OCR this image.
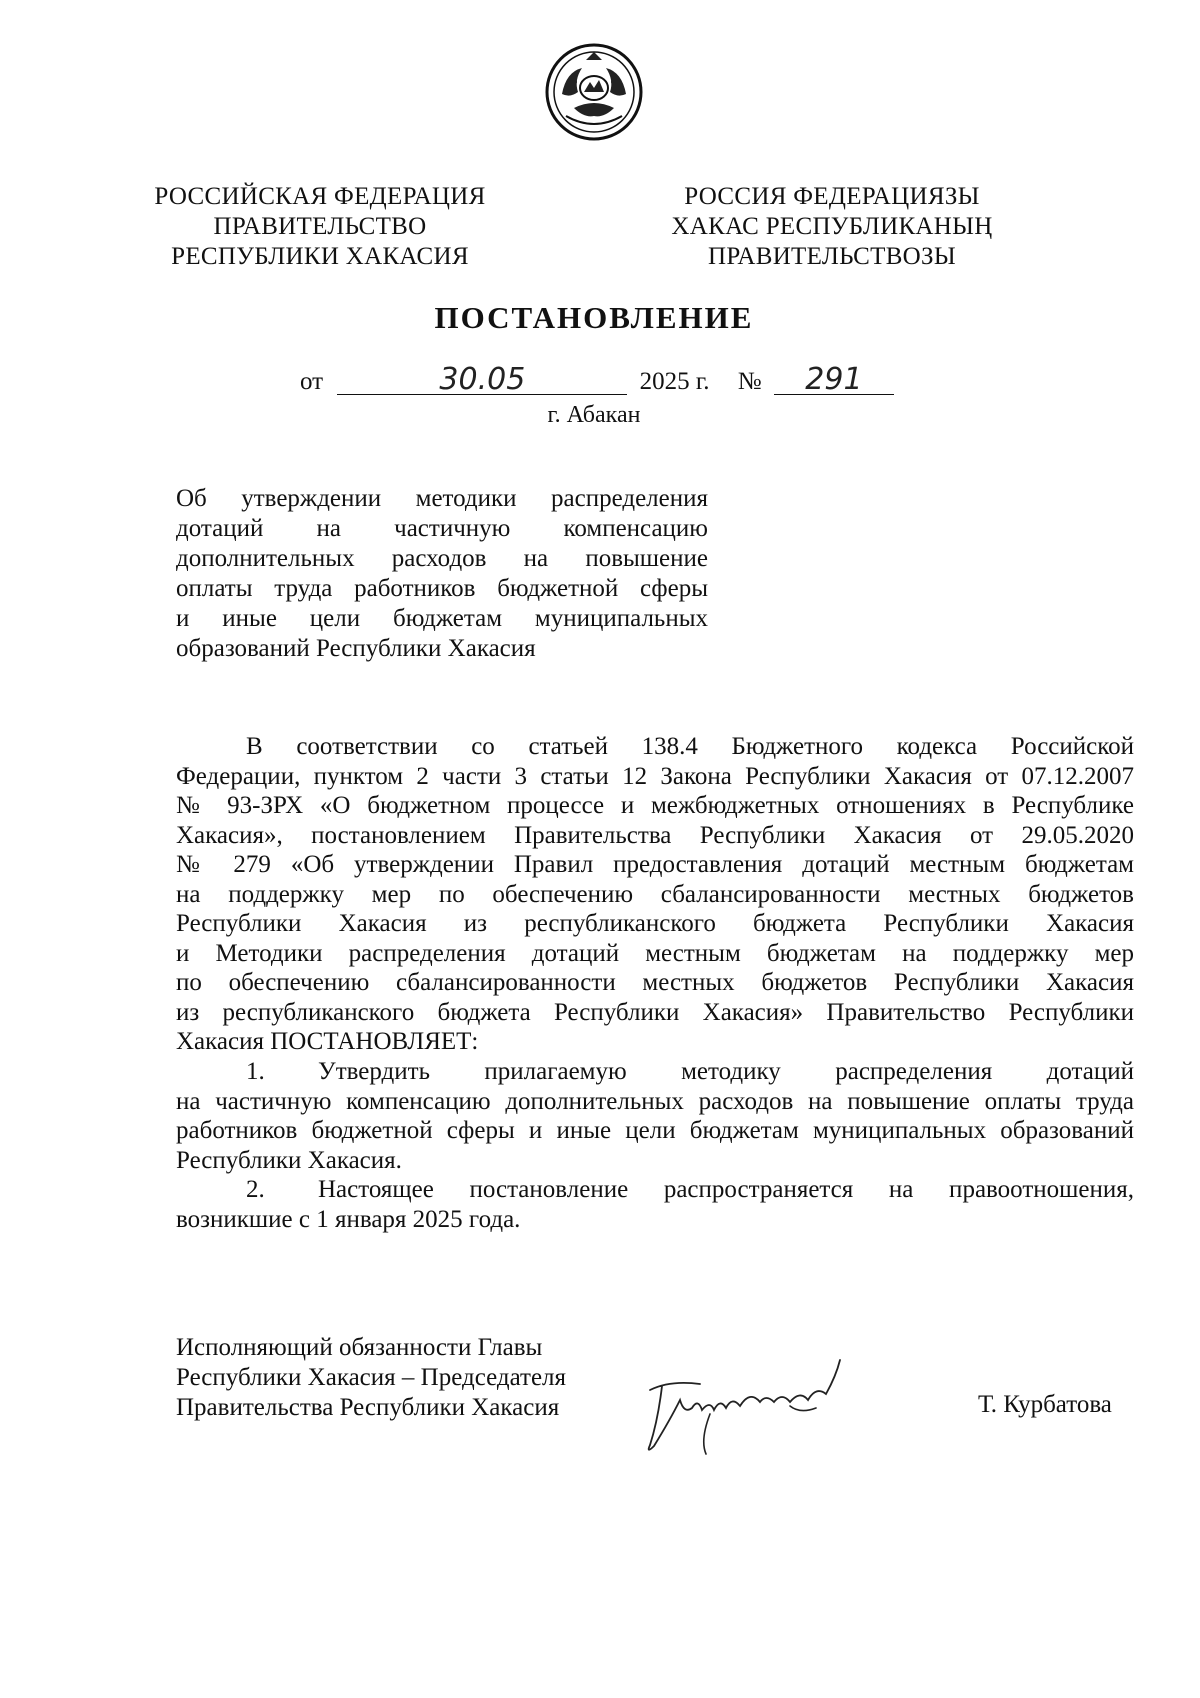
РОССИЙСКАЯ ФЕДЕРАЦИЯ
ПРАВИТЕЛЬСТВО
РЕСПУБЛИКИ ХАКАСИЯ
РОССИЯ ФЕДЕРАЦИЯЗЫ
ХАКАС РЕСПУБЛИКАНЫҢ
ПРАВИТЕЛЬСТВОЗЫ
ПОСТАНОВЛЕНИЕ
от	30.05	2025 г. № 291
г. Абакан
Об утверждении методики распределения
дотаций на частичную компенсацию
дополнительных расходов на повышение
оплаты труда работников бюджетной сферы
и иные цели бюджетам муниципальных
образований Республики Хакасия
В соответствии со статьей 138.4 Бюджетного кодекса Российской
Федерации, пунктом 2 части 3 статьи 12 Закона Республики Хакасия от 07.12.2007
№ 93-ЗРХ «О бюджетном процессе и межбюджетных отношениях в Республике
Хакасия», постановлением Правительства Республики Хакасия от 29.05.2020
№ 279 «Об утверждении Правил предоставления дотаций местным бюджетам
на поддержку мер по обеспечению сбалансированности местных бюджетов
Республики Хакасия из республиканского бюджета Республики Хакасия
и Методики распределения дотаций местным бюджетам на поддержку мер
по обеспечению сбалансированности местных бюджетов Республики Хакасия
из республиканского бюджета Республики Хакасия» Правительство Республики
Хакасия ПОСТАНОВЛЯЕТ:
1. Утвердить прилагаемую методику распределения дотаций
на частичную компенсацию дополнительных расходов на повышение оплаты труда
работников бюджетной сферы и иные цели бюджетам муниципальных образований
Республики Хакасия.
2. Настоящее постановление распространяется на правоотношения,
возникшие с 1 января 2025 года.
Исполняющий обязанности Главы
Республики Хакасия – Председателя
Правительства Республики Хакасия	Т. Курбатова
